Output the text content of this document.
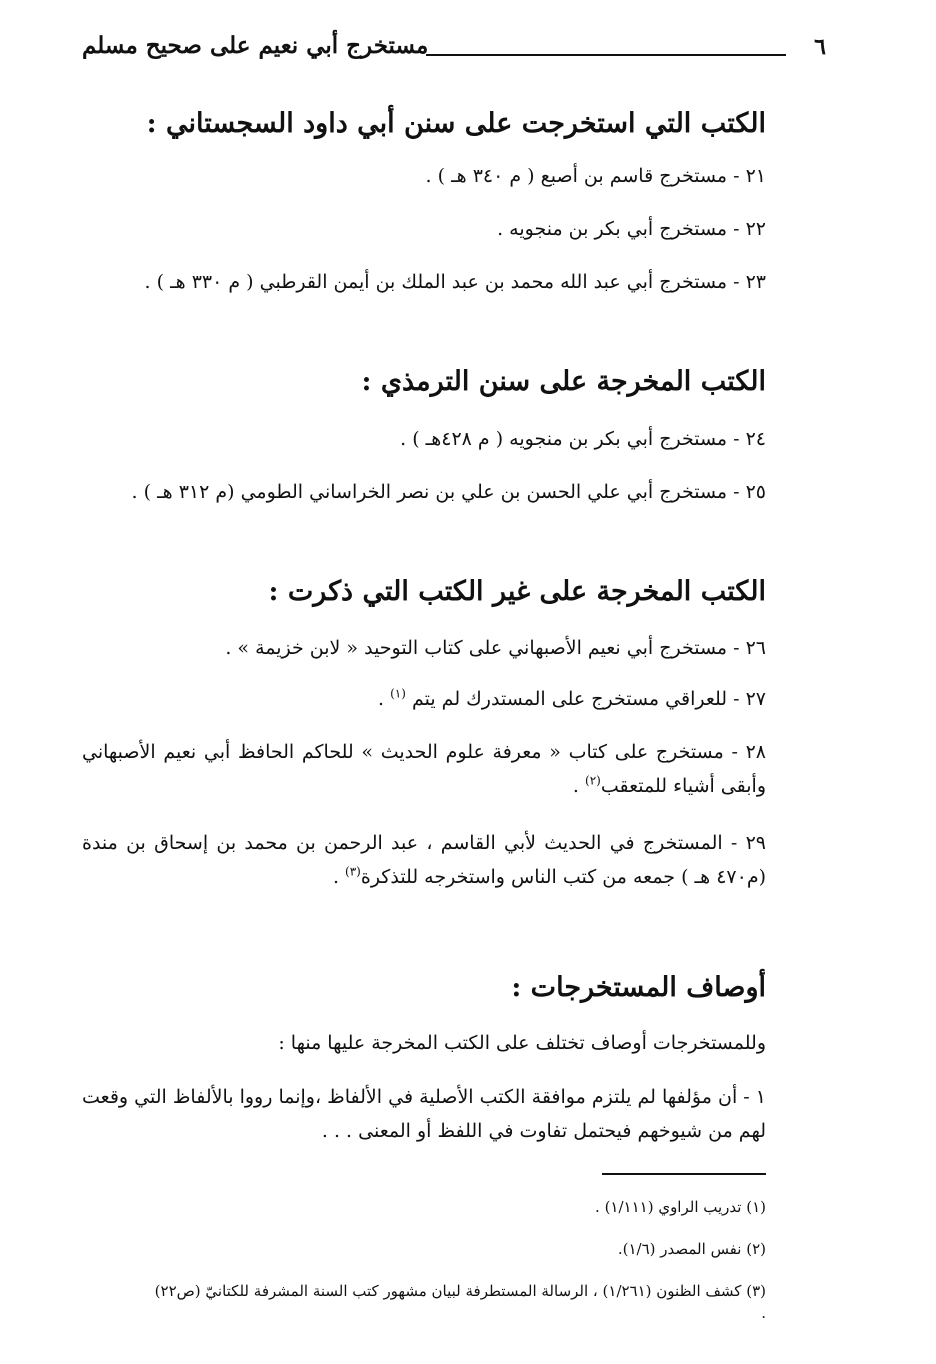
٦
مستخرج أبي نعيم على صحيح مسلم
الكتب التي استخرجت على سنن أبي داود السجستاني :
٢١ - مستخرج قاسم بن أصبع ( م ٣٤٠ هـ ) .
٢٢ - مستخرج أبي بكر بن منجويه .
٢٣ - مستخرج أبي عبد الله محمد بن عبد الملك بن أيمن القرطبي ( م ٣٣٠ هـ ) .
الكتب المخرجة على سنن الترمذي :
٢٤ - مستخرج أبي بكر بن منجويه ( م ٤٢٨هـ ) .
٢٥ - مستخرج أبي علي الحسن بن علي بن نصر الخراساني الطومي (م ٣١٢ هـ ) .
الكتب المخرجة على غير الكتب التي ذكرت :
٢٦ - مستخرج أبي نعيم الأصبهاني على كتاب التوحيد « لابن خزيمة » .
٢٧ - للعراقي مستخرج على المستدرك لم يتم $^{(١)}$ .
٢٨ - مستخرج على كتاب « معرفة علوم الحديث » للحاكم الحافظ أبي نعيم الأصبهاني وأبقى أشياء للمتعقب$^{(٢)}$ .
٢٩ - المستخرج في الحديث لأبي القاسم ، عبد الرحمن بن محمد بن إسحاق بن مندة (م٤٧٠ هـ ) جمعه من كتب الناس واستخرجه للتذكرة$^{(٣)}$ .
أوصاف المستخرجات :
وللمستخرجات أوصاف تختلف على الكتب المخرجة عليها منها :
١ - أن مؤلفها لم يلتزم موافقة الكتب الأصلية في الألفاظ ،وإنما رووا بالألفاظ التي وقعت لهم من شيوخهم فيحتمل تفاوت في اللفظ أو المعنى . . .
(١) تدريب الراوي (١/١١١) .
(٢) نفس المصدر (١/٦).
(٣) كشف الظنون (١/٢٦١) ، الرسالة المستطرفة لبيان مشهور كتب السنة المشرفة للكتانيّ (ص٢٢) .
